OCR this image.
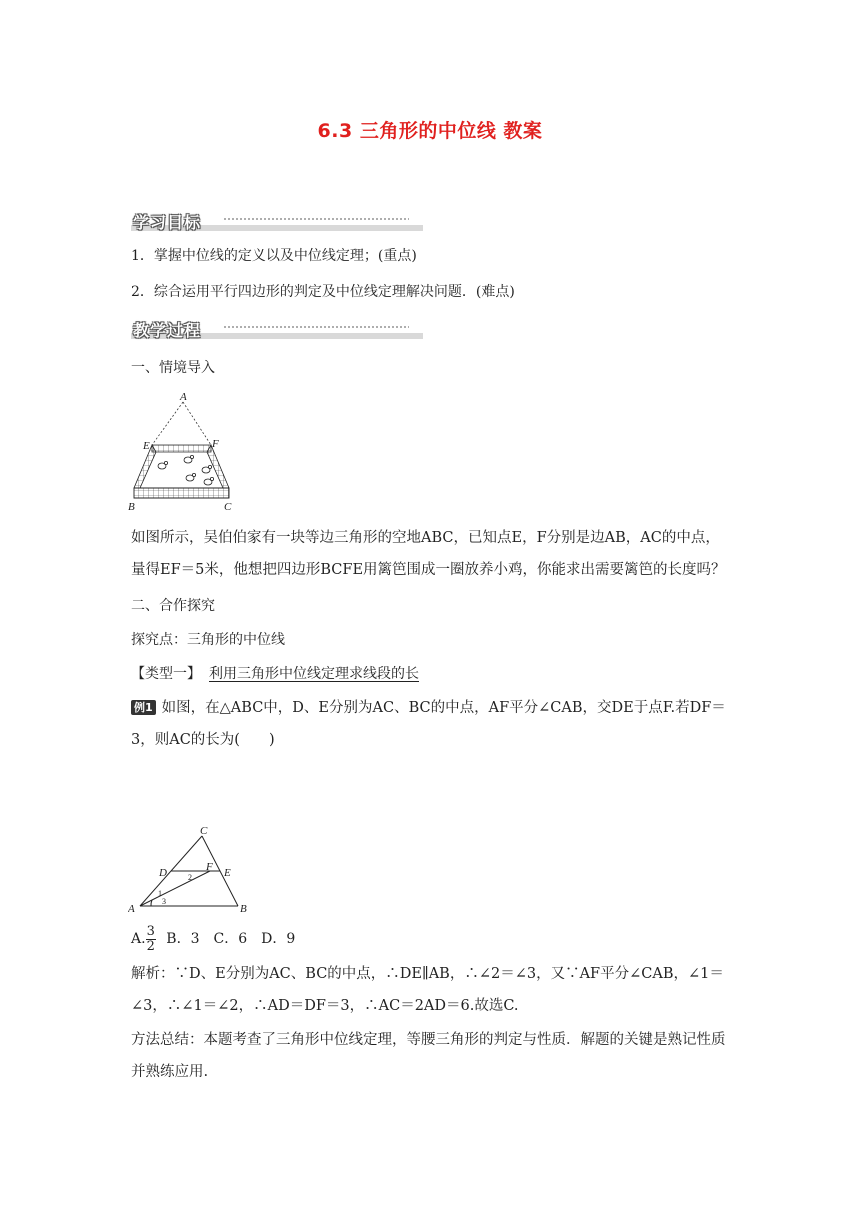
6.3 三角形的中位线 教案
学习目标
1．掌握中位线的定义以及中位线定理；(重点)
2．综合运用平行四边形的判定及中位线定理解决问题．(难点)
教学过程
一、情境导入
A
E	F
B	C
如图所示，吴伯伯家有一块等边三角形的空地ABC，已知点E，F分别是边AB，AC的中点，量得EF＝5米，他想把四边形BCFE用篱笆围成一圈放养小鸡，你能求出需要篱笆的长度吗？
二、合作探究
探究点：三角形的中位线
【类型一】 利用三角形中位线定理求线段的长
例1 如图，在△ABC中，D、E分别为AC、BC的中点，AF平分∠CAB，交DE于点F.若DF＝3，则AC的长为(　　)
C
D	F E
A	B
1
2
3
A. $\frac{3}{2}$ B．3　C．6　D．9
解析：∵D、E分别为AC、BC的中点，∴DE∥AB，∴∠2＝∠3，又∵AF平分∠CAB，∠1＝∠3，∴∠1＝∠2，∴AD＝DF＝3，∴AC＝2AD＝6.故选C.
方法总结：本题考查了三角形中位线定理，等腰三角形的判定与性质．解题的关键是熟记性质并熟练应用.
